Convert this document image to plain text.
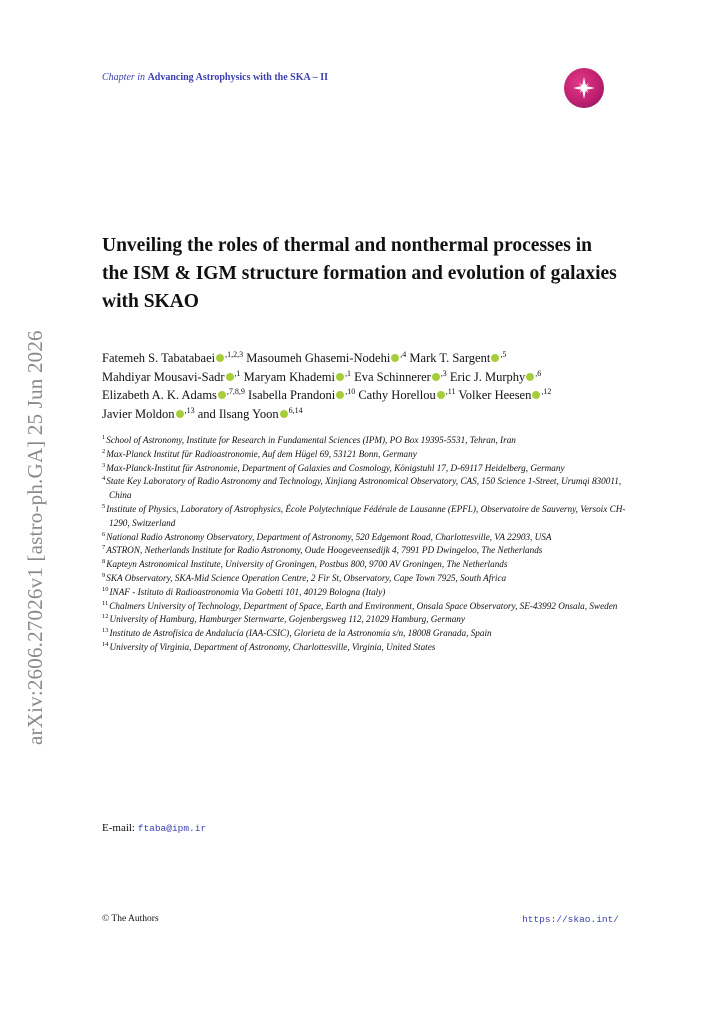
arXiv:2606.27026v1 [astro-ph.GA] 25 Jun 2026
Chapter in Advancing Astrophysics with the SKA – II
Unveiling the roles of thermal and nonthermal processes in the ISM & IGM structure formation and evolution of galaxies with SKAO
Fatemeh S. Tabatabaei $^{,1,2,3}$ Masoumeh Ghasemi-Nodehi $^{,4}$ Mark T. Sargent $^{,5}$ Mahdiyar Mousavi-Sadr $^{,1}$ Maryam Khademi $^{,1}$ Eva Schinnerer $^{,3}$ Eric J. Murphy $^{,6}$ Elizabeth A. K. Adams $^{,7,8,9}$ Isabella Prandoni $^{,10}$ Cathy Horellou $^{,11}$ Volker Heesen $^{,12}$ Javier Moldon $^{,13}$ and Ilsang Yoon $^{6,14}$
$^1$School of Astronomy, Institute for Research in Fundamental Sciences (IPM), PO Box 19395-5531, Tehran, Iran
$^2$Max-Planck Institut für Radioastronomie, Auf dem Hügel 69, 53121 Bonn, Germany
$^3$Max-Planck-Institut für Astronomie, Department of Galaxies and Cosmology, Königstuhl 17, D-69117 Heidelberg, Germany
$^4$State Key Laboratory of Radio Astronomy and Technology, Xinjiang Astronomical Observatory, CAS, 150 Science 1-Street, Urumqi 830011, China
$^5$Institute of Physics, Laboratory of Astrophysics, École Polytechnique Fédérale de Lausanne (EPFL), Observatoire de Sauverny, Versoix CH-1290, Switzerland
$^6$National Radio Astronomy Observatory, Department of Astronomy, 520 Edgemont Road, Charlottesville, VA 22903, USA
$^7$ASTRON, Netherlands Institute for Radio Astronomy, Oude Hoogeveensedijk 4, 7991 PD Dwingeloo, The Netherlands
$^8$Kapteyn Astronomical Institute, University of Groningen, Postbus 800, 9700 AV Groningen, The Netherlands
$^9$SKA Observatory, SKA-Mid Science Operation Centre, 2 Fir St, Observatory, Cape Town 7925, South Africa
$^{10}$INAF - Istituto di Radioastronomia Via Gobetti 101, 40129 Bologna (Italy)
$^{11}$Chalmers University of Technology, Department of Space, Earth and Environment, Onsala Space Observatory, SE-43992 Onsala, Sweden
$^{12}$University of Hamburg, Hamburger Sternwarte, Gojenbergsweg 112, 21029 Hamburg, Germany
$^{13}$Instituto de Astrofísica de Andalucía (IAA-CSIC), Glorieta de la Astronomía s/n, 18008 Granada, Spain
$^{14}$University of Virginia, Department of Astronomy, Charlottesville, Virginia, United States
E-mail: ftaba@ipm.ir
© The Authors	https://skao.int/
